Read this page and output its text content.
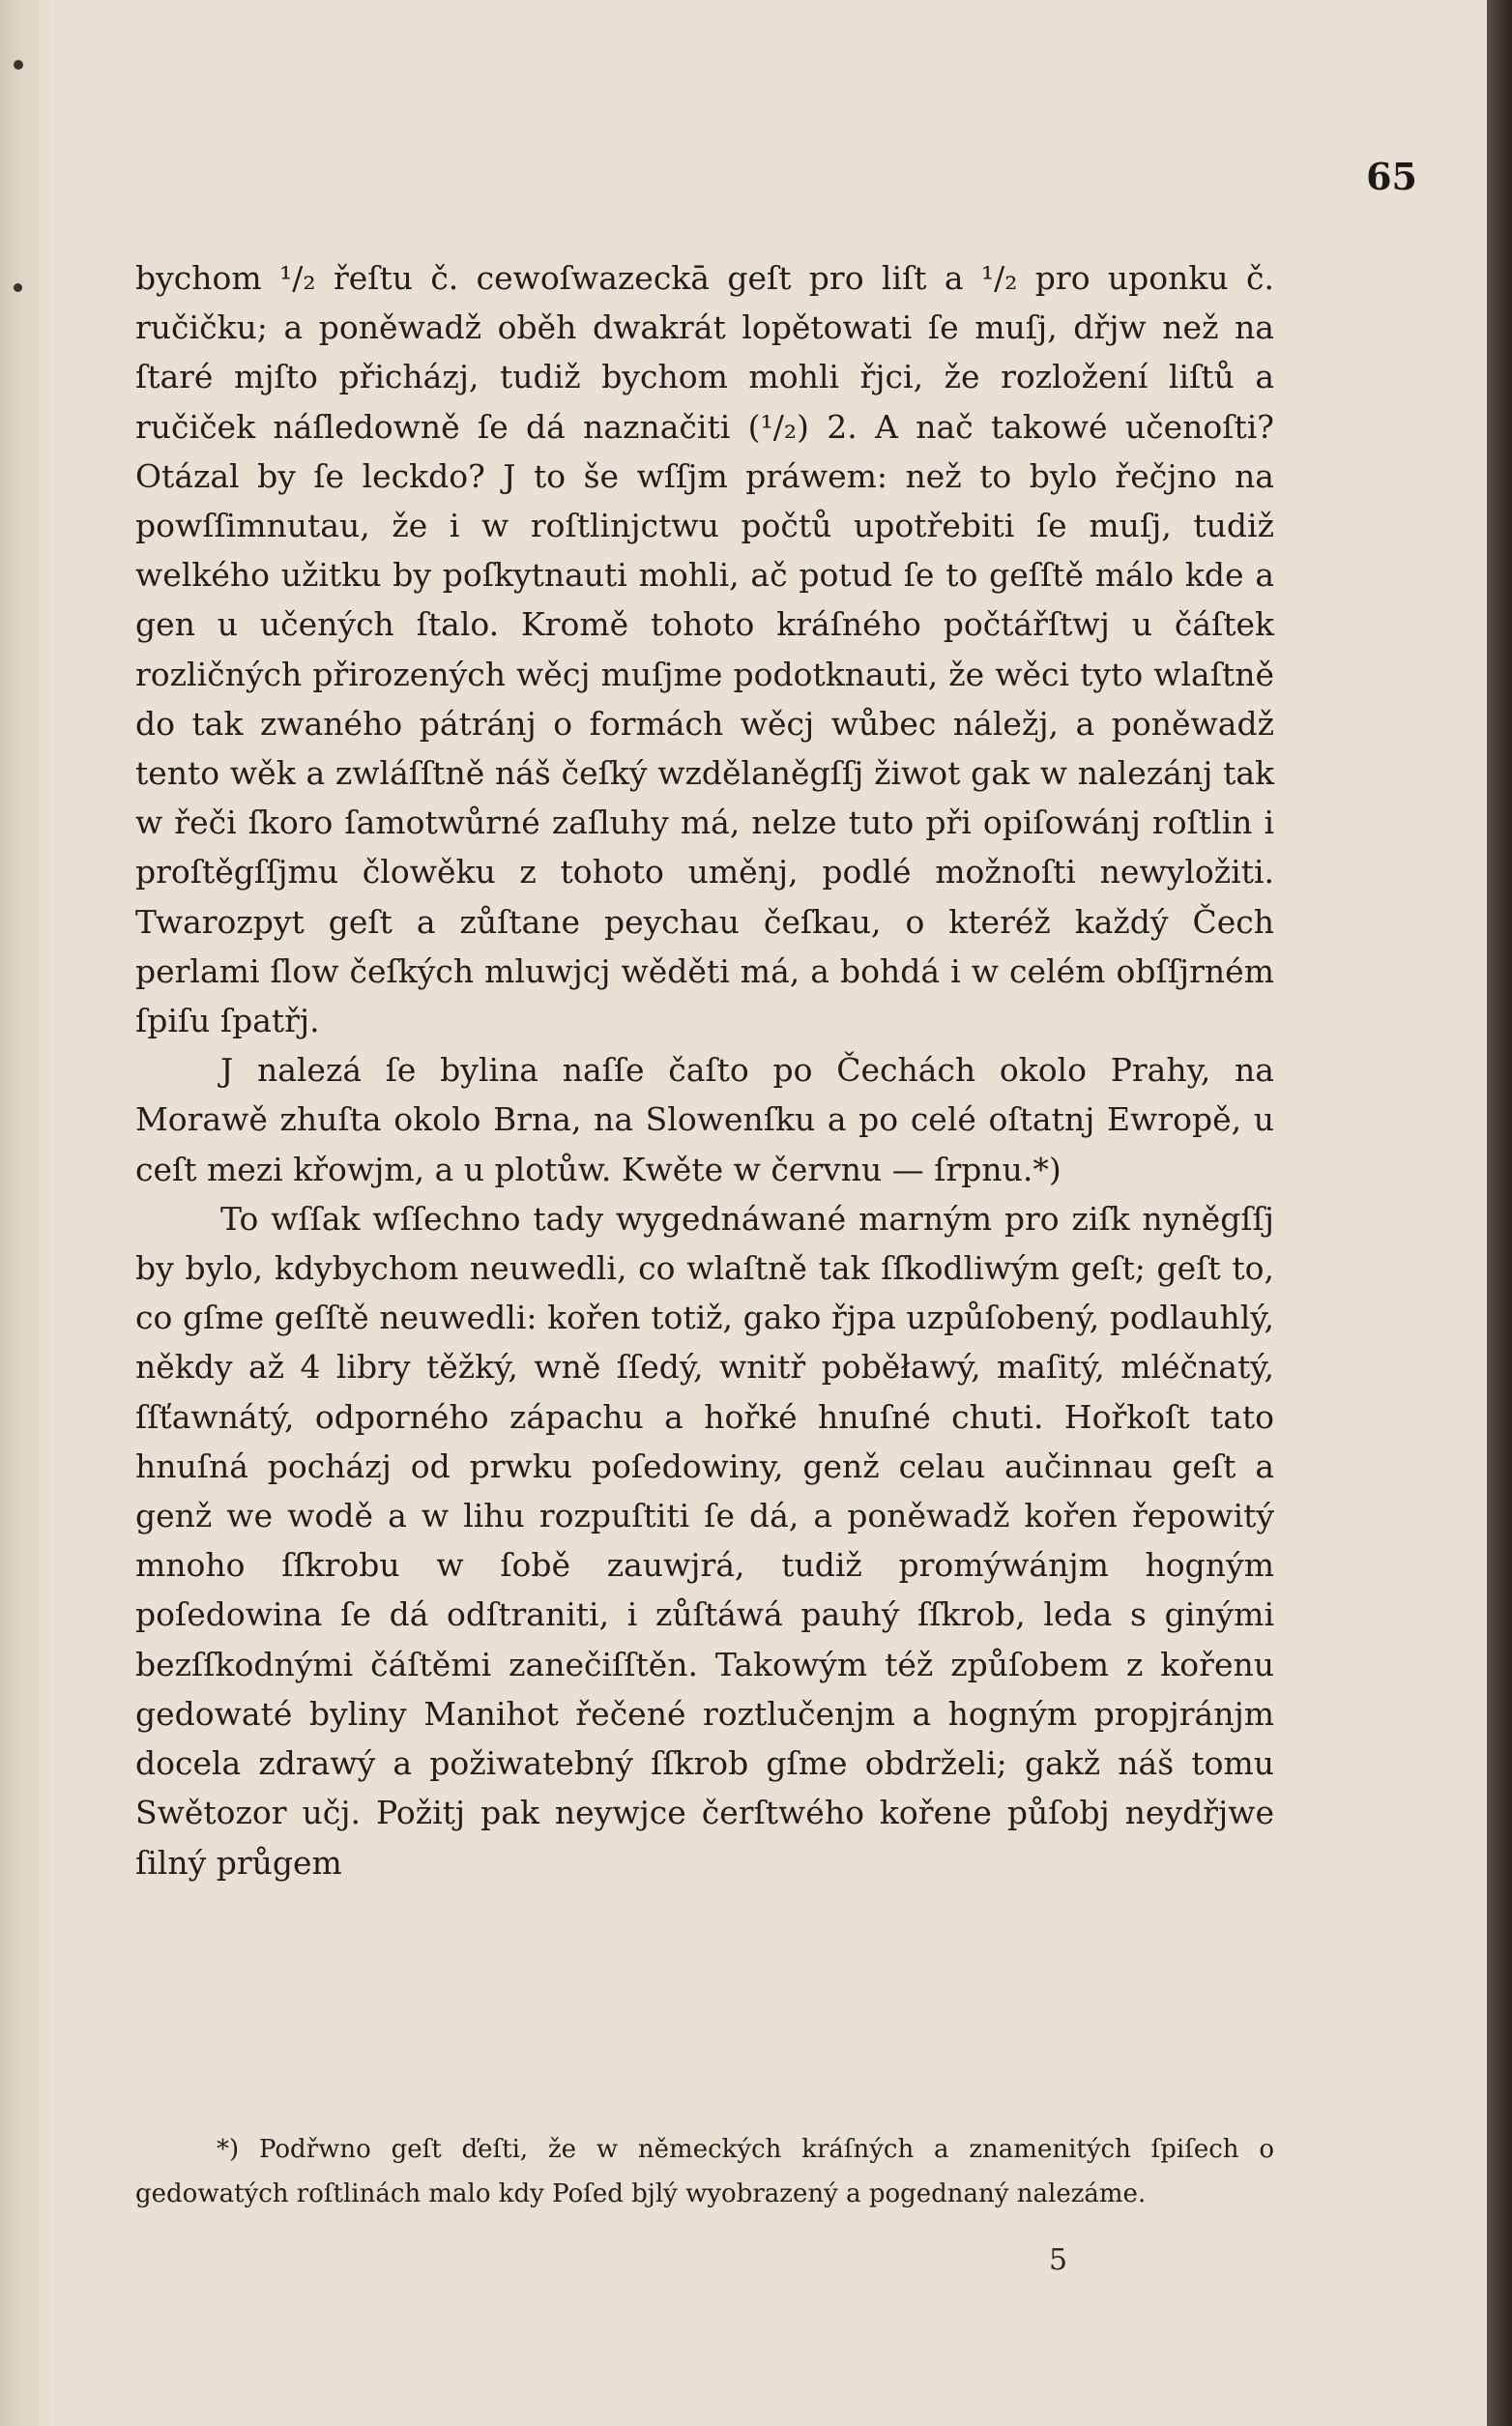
65

bychom ¹/₂ řeſtu č. cewoſwazeckā geſt pro liſt a ¹/₂ pro uponku č. ručičku; a poněwadž oběh dwakrát lopětowati ſe muſj, dřjw než na ſtaré mjſto přicházj, tudiž bychom mohli řjci, že rozložení liſtů a ručiček náſledowně ſe dá naznačiti (¹/₂) 2. A nač takowé učenoſti? Otázal by ſe leckdo? J to še wſſjm práwem: než to bylo řečjno na powſſimnutau, že i w roſtlinjctwu počtů upotřebiti ſe muſj, tudiž welkého užitku by poſkytnauti mohli, ač potud ſe to geſſtě málo kde a gen u učených ſtalo. Kromě tohoto kráſného počtářſtwj u čáſtek rozličných přirozených wěcj muſjme podotknauti, že wěci tyto wlaſtně do tak zwaného pátránj o formách wěcj wůbec náležj, a poněwadž tento wěk a zwláſſtně náš čeſký wzdělaněgſſj žiwot gak w nalezánj tak w řeči ſkoro ſamotwůrné zaſluhy má, nelze tuto při opiſowánj roſtlin i proſtěgſſjmu člowěku z tohoto uměnj, podlé možnoſti newyložiti. Twarozpyt geſt a zůſtane peychau čeſkau, o kteréž každý Čech perlami ſlow čeſkých mluwjcj wěděti má, a bohdá i w celém obſſjrném ſpiſu ſpatřj.

J nalezá ſe bylina naſſe čaſto po Čechách okolo Prahy, na Morawě zhuſta okolo Brna, na Slowenſku a po celé oſtatnj Ewropě, u ceſt mezi křowjm, a u plotůw. Kwěte w červnu — ſrpnu.*)

To wſſak wſſechno tady wygednáwané marným pro ziſk nyněgſſj by bylo, kdybychom neuwedli, co wlaſtně tak ſſkodliwým geſt; geſt to, co gſme geſſtě neuwedli: kořen totiž, gako řjpa uzpůſobený, podlauhlý, někdy až 4 libry těžký, wně ſſedý, wnitř poběławý, maſitý, mléčnatý, ſſťawnátý, odporného zápachu a hořké hnuſné chuti. Hořkoſt tato hnuſná pocházj od prwku poſedowiny, genž celau aučinnau geſt a genž we wodě a w lihu rozpuſtiti ſe dá, a poněwadž kořen řepowitý mnoho ſſkrobu w ſobě zauwjrá, tudiž promýwánjm hogným poſedowina ſe dá odſtraniti, i zůſtáwá pauhý ſſkrob, leda s ginými bezſſkodnými čáſtěmi zanečiſſtěn. Takowým též způſobem z kořenu gedowaté byliny Manihot řečené roztlučenjm a hogným propjránjm docela zdrawý a požiwatebný ſſkrob gſme obdrželi; gakž náš tomu Swětozor učj. Požitj pak neywjce čerſtwého kořene půſobj neydřjwe ſilný průgem

*) Podřwno geſt ďeſti, že w německých kráſných a znamenitých ſpiſech o gedowatých roſtlinách malo kdy Poſed bjlý wyobrazený a pogednaný nalezáme.
5
